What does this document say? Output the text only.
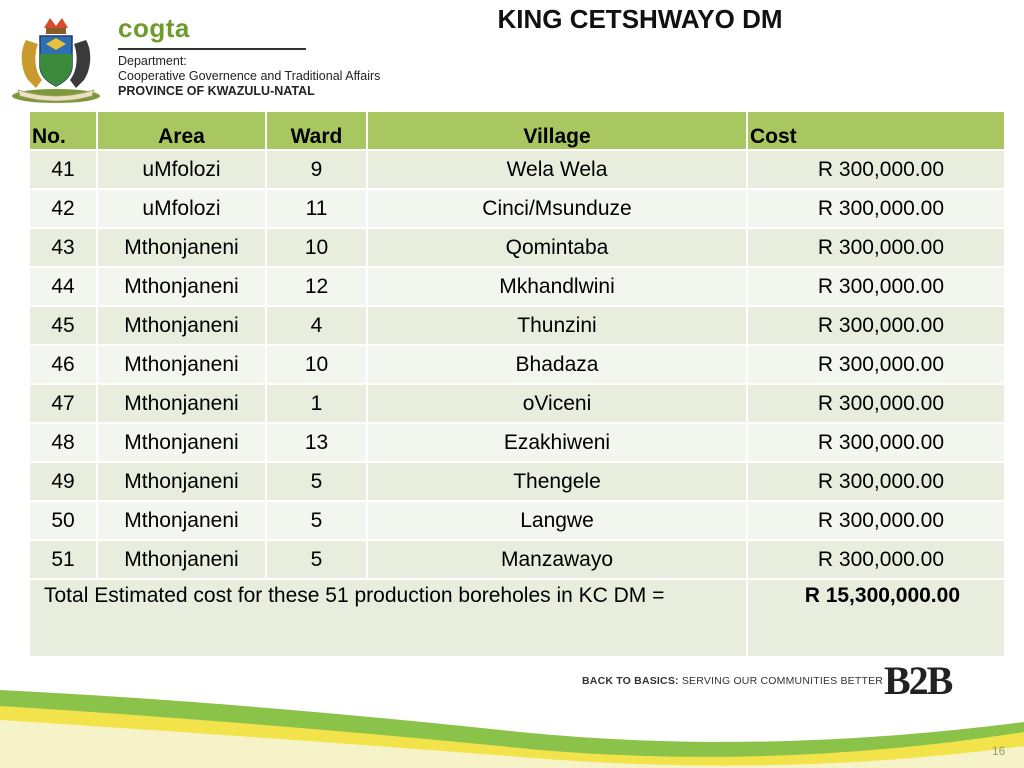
cogta
Department:
Cooperative Governence and Traditional Affairs
PROVINCE OF KWAZULU-NATAL
KING CETSHWAYO DM
No.	Area	Ward	Village	Cost
41	uMfolozi	9	Wela Wela	R 300,000.00
42	uMfolozi	11	Cinci/Msunduze	R 300,000.00
43	Mthonjaneni	10	Qomintaba	R 300,000.00
44	Mthonjaneni	12	Mkhandlwini	R 300,000.00
45	Mthonjaneni	4	Thunzini	R 300,000.00
46	Mthonjaneni	10	Bhadaza	R 300,000.00
47	Mthonjaneni	1	oViceni	R 300,000.00
48	Mthonjaneni	13	Ezakhiweni	R 300,000.00
49	Mthonjaneni	5	Thengele	R 300,000.00
50	Mthonjaneni	5	Langwe	R 300,000.00
51	Mthonjaneni	5	Manzawayo	R 300,000.00
Total Estimated cost for these 51 production boreholes in KC DM =				R 15,300,000.00
BACK TO BASICS: SERVING OUR COMMUNITIES BETTER B2B
16
